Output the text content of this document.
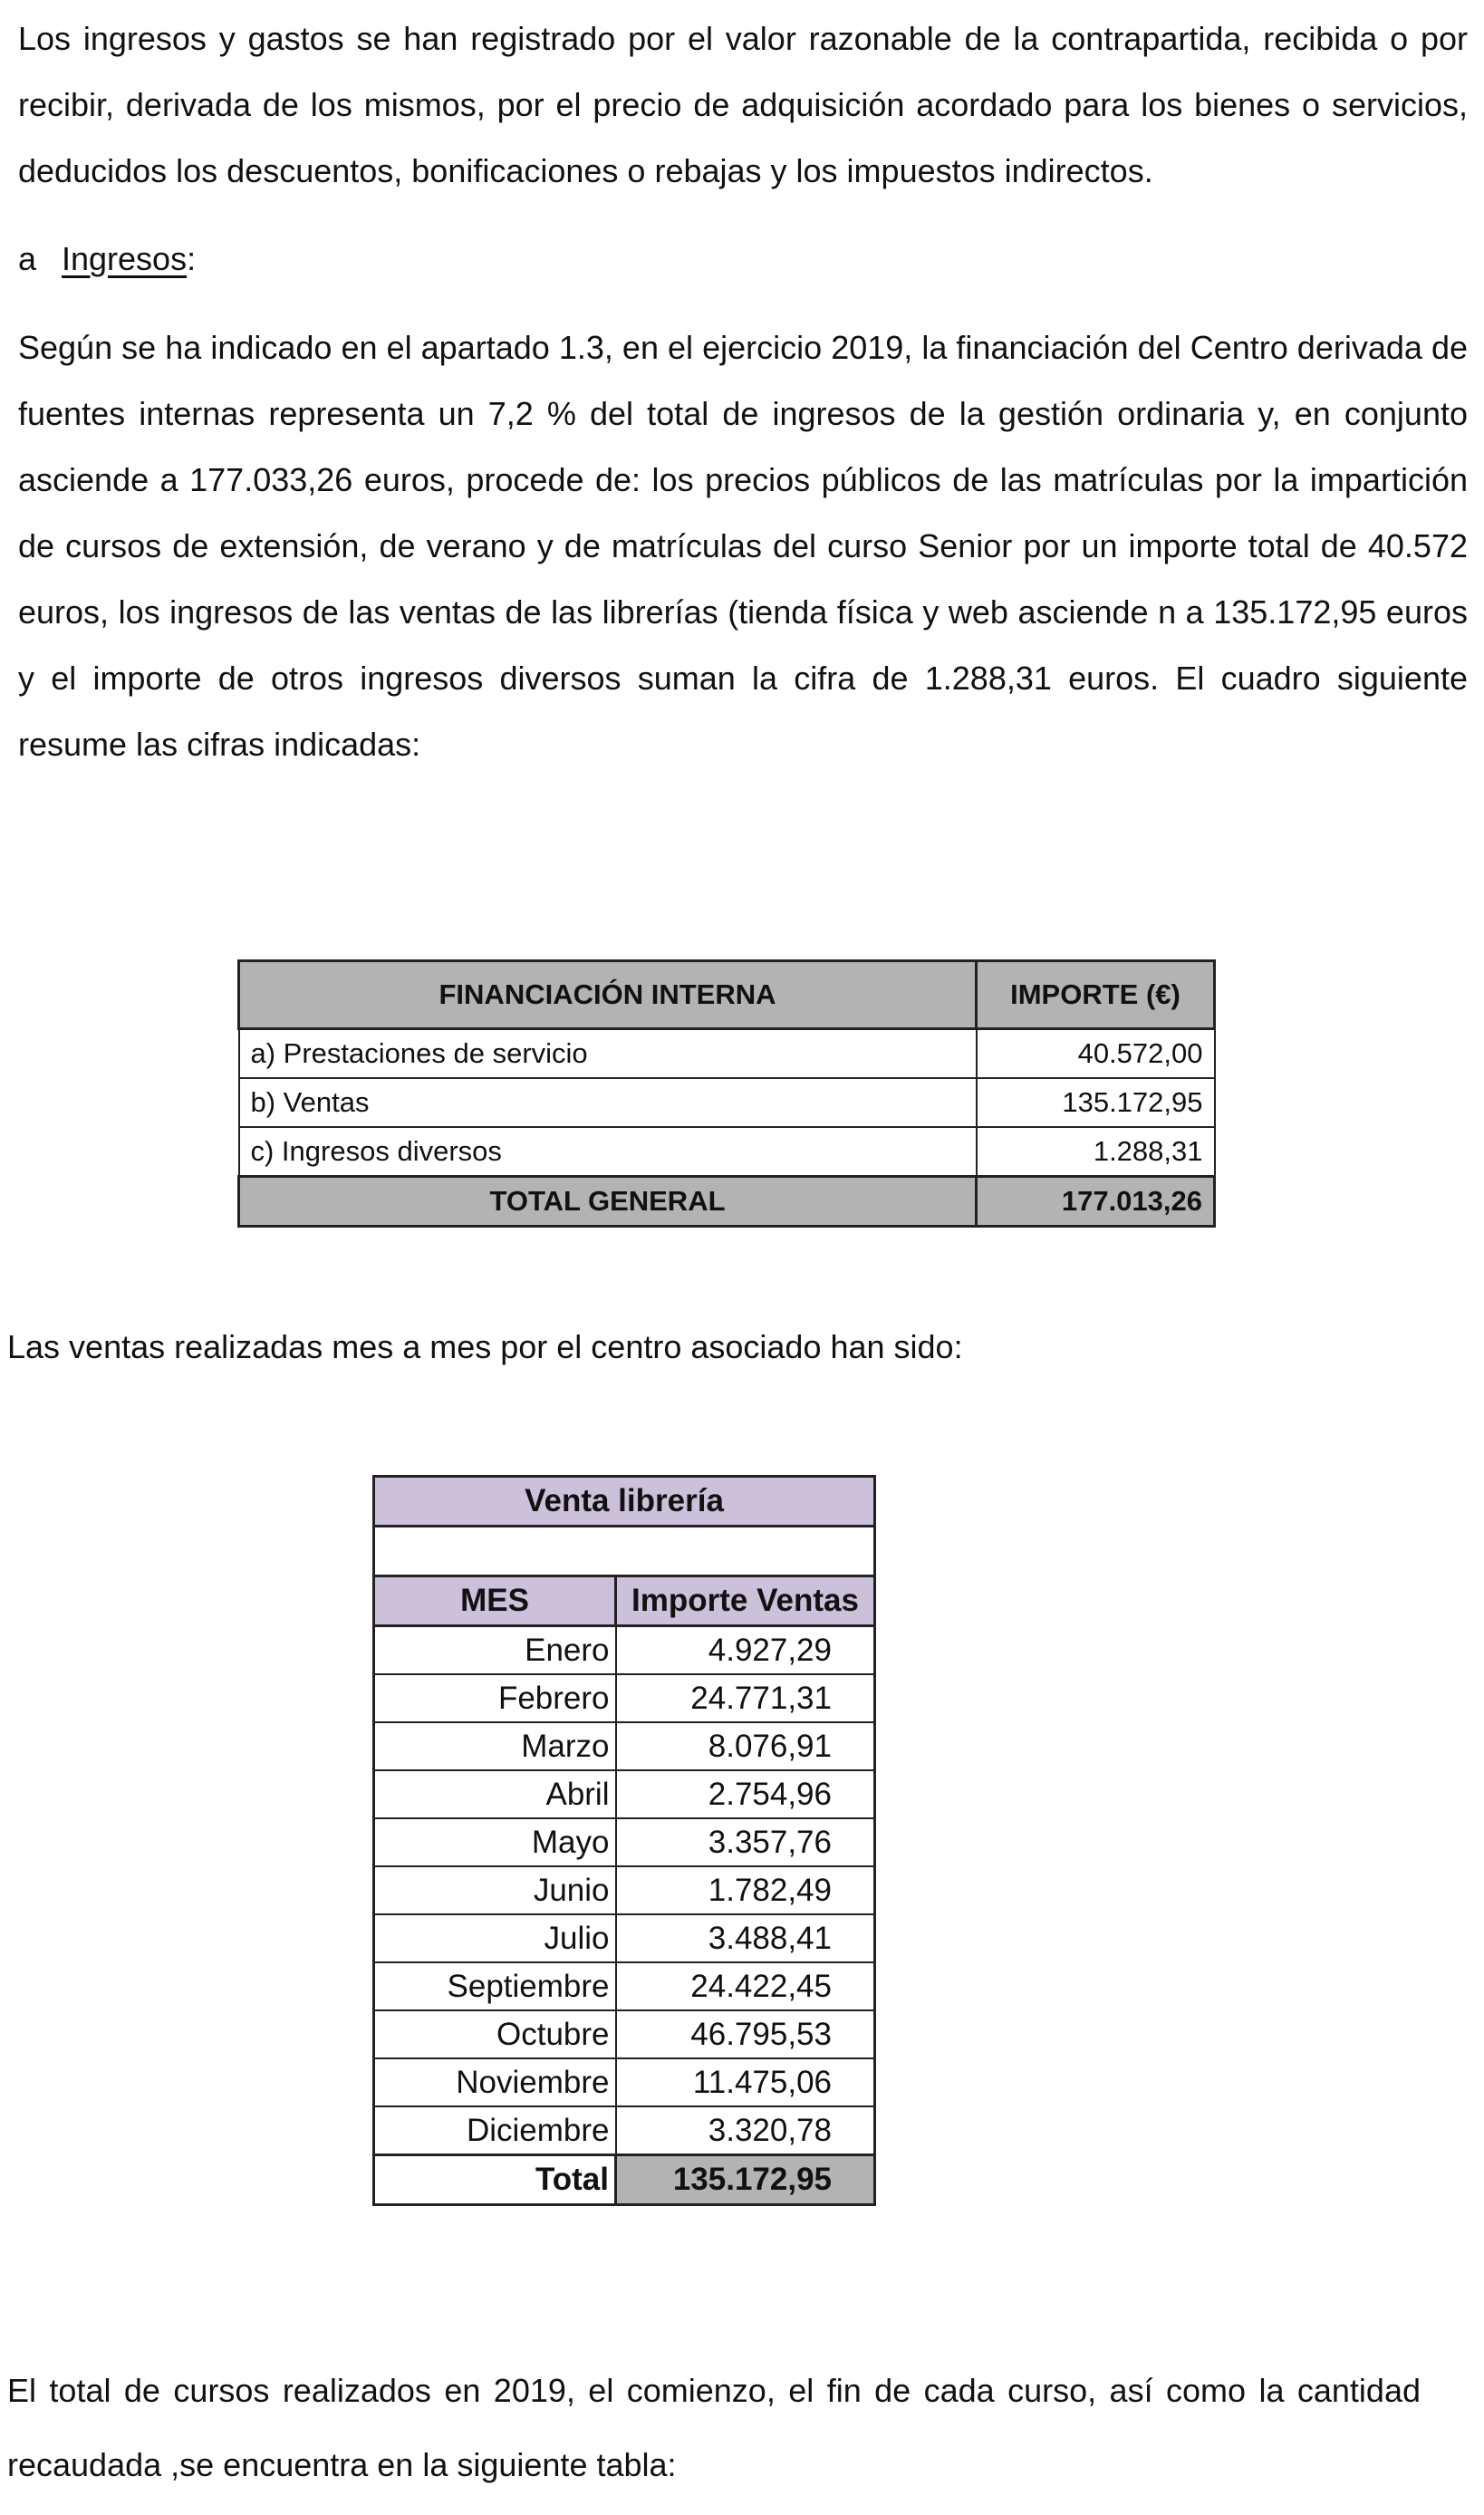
Los ingresos y gastos se han registrado por el valor razonable de la contrapartida, recibida o por recibir, derivada de los mismos, por el precio de adquisición acordado para los bienes o servicios, deducidos los descuentos, bonificaciones o rebajas y los impuestos indirectos.

a Ingresos:

Según se ha indicado en el apartado 1.3, en el ejercicio 2019, la financiación del Centro derivada de fuentes internas representa un 7,2 % del total de ingresos de la gestión ordinaria y, en conjunto asciende a 177.033,26 euros, procede de: los precios públicos de las matrículas por la impartición de cursos de extensión, de verano y de matrículas del curso Senior por un importe total de 40.572 euros, los ingresos de las ventas de las librerías (tienda física y web asciende n a 135.172,95 euros y el importe de otros ingresos diversos suman la cifra de 1.288,31 euros. El cuadro siguiente resume las cifras indicadas:

FINANCIACIÓN INTERNA	IMPORTE (€)
a) Prestaciones de servicio	40.572,00
b) Ventas	135.172,95
c) Ingresos diversos	1.288,31
TOTAL GENERAL	177.013,26

Las ventas realizadas mes a mes por el centro asociado han sido:

Venta librería	

MES	Importe Ventas
Enero	4.927,29
Febrero	24.771,31
Marzo	8.076,91
Abril	2.754,96
Mayo	3.357,76
Junio	1.782,49
Julio	3.488,41
Septiembre	24.422,45
Octubre	46.795,53
Noviembre	11.475,06
Diciembre	3.320,78
Total	135.172,95

El total de cursos realizados en 2019, el comienzo, el fin de cada curso, así como la cantidad recaudada ,se encuentra en la siguiente tabla:
